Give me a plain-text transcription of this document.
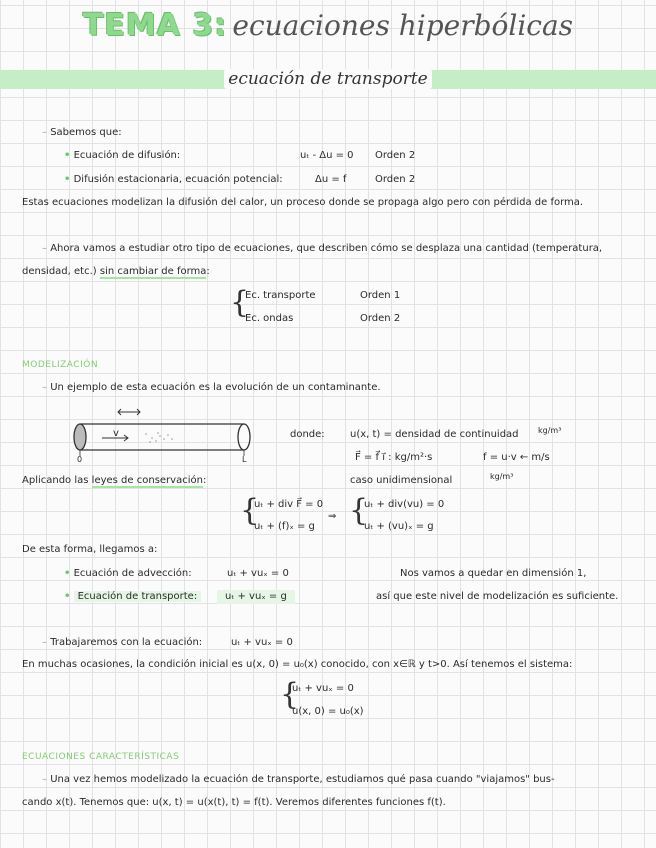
TEMA 3: ecuaciones hiperbólicas
ecuación de transporte
– Sabemos que:
• Ecuación de difusión:	uₜ - Δu = 0 Orden 2
• Difusión estacionaria, ecuación potencial:	Δu = f	Orden 2
Estas ecuaciones modelizan la difusión del calor, un proceso donde se propaga algo pero con pérdida de forma.
– Ahora vamos a estudiar otro tipo de ecuaciones, que describen cómo se desplaza una cantidad (temperatura,
densidad, etc.) sin cambiar de forma:
{
Ec. transporte	Orden 1
Ec. ondas	Orden 2
MODELIZACIÓN
– Un ejemplo de esta ecuación es la evolución de un contaminante.
v
0	L
donde:	u(x, t) = densidad de continuidad kg/m³
F⃗ = f⃗ i⃗ : kg/m²·s	f = u·v ← m/s
Aplicando las leyes de conservación:	caso unidimensional	kg/m³
{
uₜ + div F⃗ = 0
uₜ + (f)ₓ = g
⇒ {
uₜ + div(vu) = 0
uₜ + (vu)ₓ = g
De esta forma, llegamos a:
• Ecuación de advección:	uₜ + vuₓ = 0	Nos vamos a quedar en dimensión 1,
• Ecuación de transporte:	uₜ + vuₓ = g	así que este nivel de modelización es suficiente.
– Trabajaremos con la ecuación:	uₜ + vuₓ = 0
En muchas ocasiones, la condición inicial es u(x, 0) = u₀(x) conocido, con x∈ℝ y t>0. Así tenemos el sistema:
{
uₜ + vuₓ = 0
u(x, 0) = u₀(x)
ECUACIONES CARACTERÍSTICAS
– Una vez hemos modelizado la ecuación de transporte, estudiamos qué pasa cuando "viajamos" bus-
cando x(t). Tenemos que: u(x, t) = u(x(t), t) = f(t). Veremos diferentes funciones f(t).
